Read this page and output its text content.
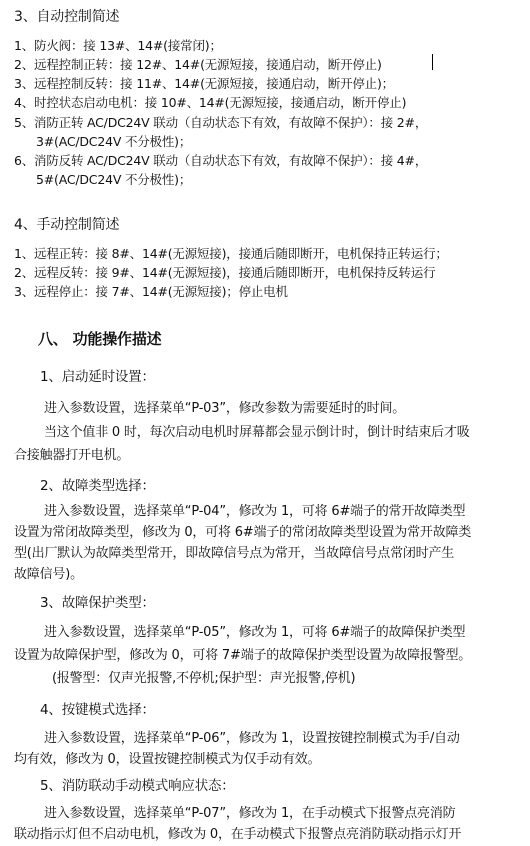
3、自动控制简述
1、防火阀：接 13#、14#(接常闭)；
2、远程控制正转：接 12#、14#(无源短接，接通启动，断开停止)
3、远程控制反转：接 11#、14#(无源短接，接通启动，断开停止)；
4、时控状态启动电机：接 10#、14#(无源短接，接通启动，断开停止)
5、消防正转 AC/DC24V 联动（自动状态下有效，有故障不保护）：接 2#，
3#(AC/DC24V 不分极性)；
6、消防反转 AC/DC24V 联动（自动状态下有效，有故障不保护）：接 4#，
5#(AC/DC24V 不分极性)；
4、手动控制简述
1、远程正转：接 8#、14#(无源短接)，接通后随即断开，电机保持正转运行；
2、远程反转：接 9#、14#(无源短接)，接通后随即断开，电机保持反转运行
3、远程停止：接 7#、14#(无源短接)；停止电机
八、 功能操作描述
1、启动延时设置：
进入参数设置，选择菜单“P-03”，修改参数为需要延时的时间。
当这个值非 0 时，每次启动电机时屏幕都会显示倒计时，倒计时结束后才吸
合接触器打开电机。
2、故障类型选择：
进入参数设置，选择菜单“P-04”，修改为 1，可将 6#端子的常开故障类型
设置为常闭故障类型，修改为 0，可将 6#端子的常闭故障类型设置为常开故障类
型(出厂默认为故障类型常开，即故障信号点为常开，当故障信号点常闭时产生
故障信号)。
3、故障保护类型：
进入参数设置，选择菜单“P-05”，修改为 1，可将 6#端子的故障保护类型
设置为故障保护型，修改为 0，可将 7#端子的故障保护类型设置为故障报警型。
(报警型：仅声光报警,不停机;保护型：声光报警,停机)
4、按键模式选择：
进入参数设置，选择菜单“P-06”，修改为 1，设置按键控制模式为手/自动
均有效，修改为 0，设置按键控制模式为仅手动有效。
5、消防联动手动模式响应状态：
进入参数设置，选择菜单“P-07”，修改为 1，在手动模式下报警点亮消防
联动指示灯但不启动电机，修改为 0，在手动模式下报警点亮消防联动指示灯开
